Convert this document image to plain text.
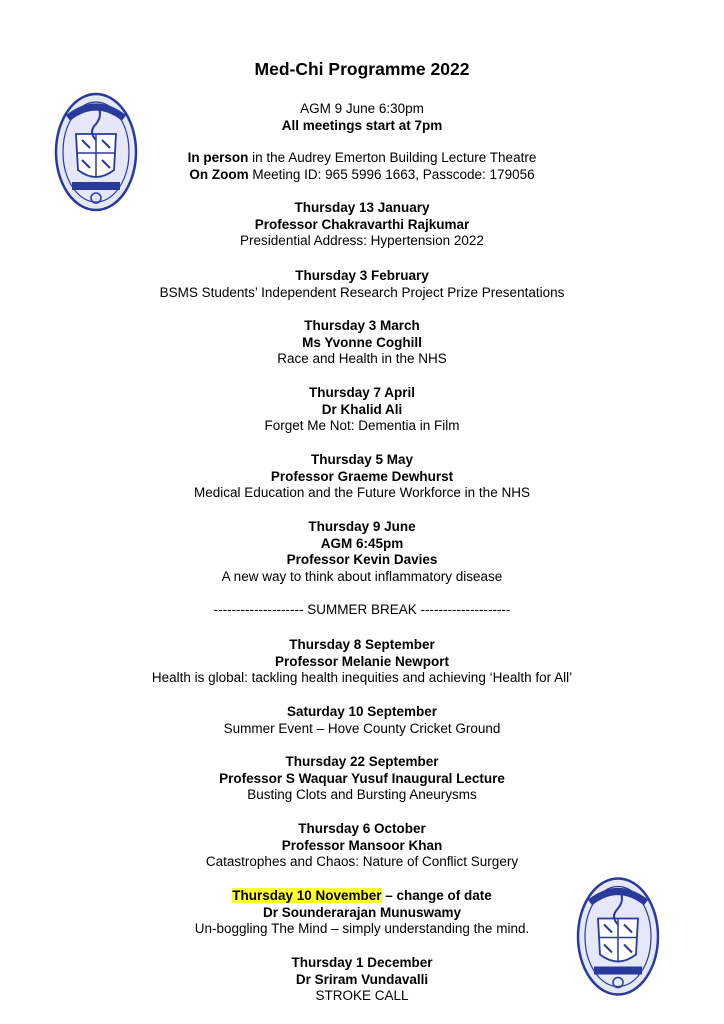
Med-Chi Programme 2022
AGM 9 June 6:30pm
All meetings start at 7pm
In person in the Audrey Emerton Building Lecture Theatre
On Zoom Meeting ID: 965 5996 1663, Passcode: 179056
Thursday 13 January
Professor Chakravarthi Rajkumar
Presidential Address: Hypertension 2022
Thursday 3 February
BSMS Students’ Independent Research Project Prize Presentations
Thursday 3 March
Ms Yvonne Coghill
Race and Health in the NHS
Thursday 7 April
Dr Khalid Ali
Forget Me Not: Dementia in Film
Thursday 5 May
Professor Graeme Dewhurst
Medical Education and the Future Workforce in the NHS
Thursday 9 June
AGM 6:45pm
Professor Kevin Davies
A new way to think about inflammatory disease
-------------------- SUMMER BREAK --------------------
Thursday 8 September
Professor Melanie Newport
Health is global: tackling health inequities and achieving ‘Health for All’
Saturday 10 September
Summer Event – Hove County Cricket Ground
Thursday 22 September
Professor S Waquar Yusuf Inaugural Lecture
Busting Clots and Bursting Aneurysms
Thursday 6 October
Professor Mansoor Khan
Catastrophes and Chaos: Nature of Conflict Surgery
Thursday 10 November – change of date
Dr Sounderarajan Munuswamy
Un-boggling The Mind – simply understanding the mind.
Thursday 1 December
Dr Sriram Vundavalli
STROKE CALL
